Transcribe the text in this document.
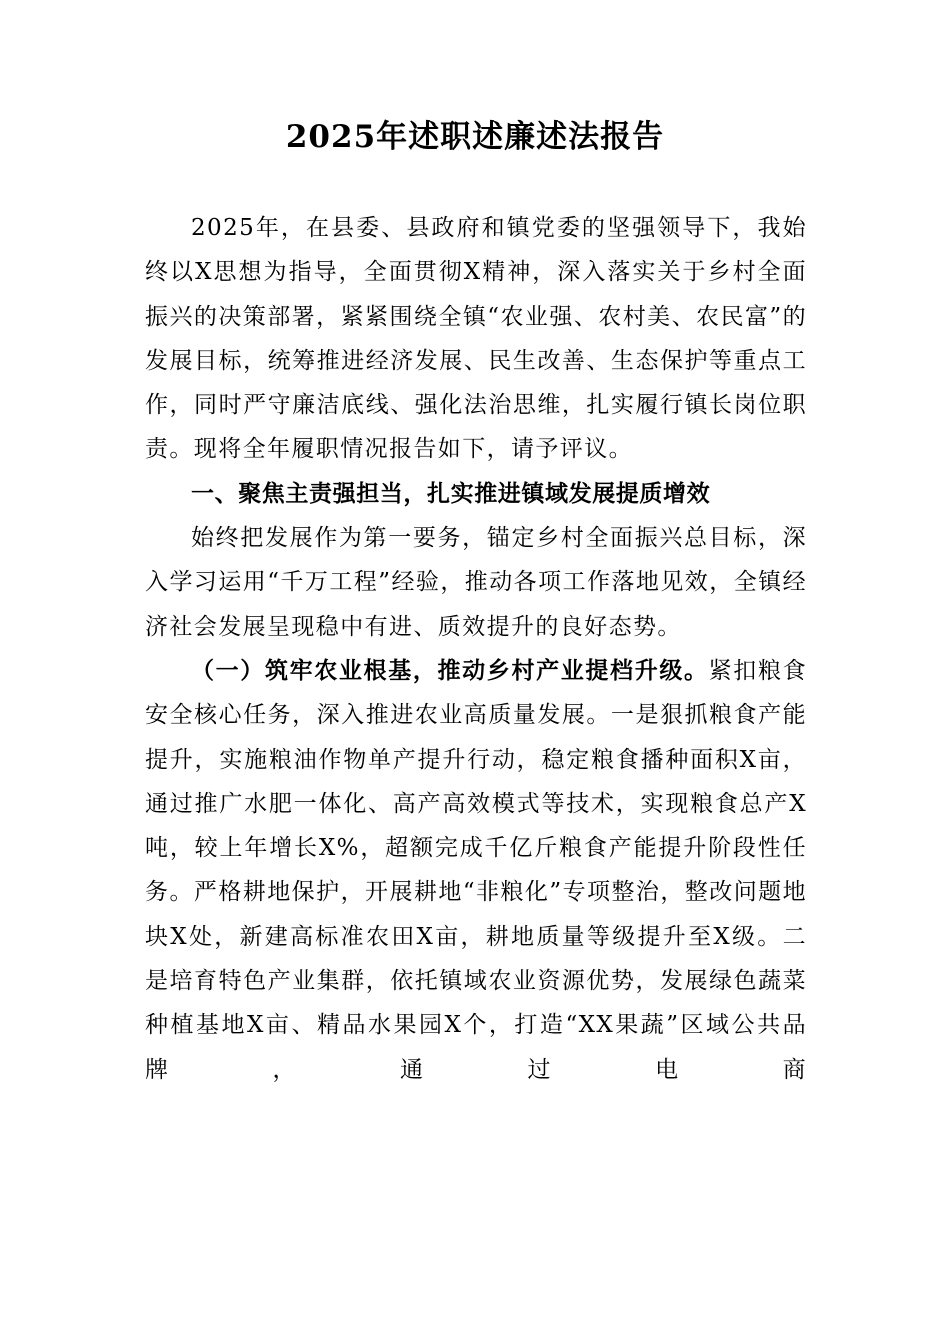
2025年述职述廉述法报告

2025年，在县委、县政府和镇党委的坚强领导下，我始终以X思想为指导，全面贯彻X精神，深入落实关于乡村全面振兴的决策部署，紧紧围绕全镇“农业强、农村美、农民富”的发展目标，统筹推进经济发展、民生改善、生态保护等重点工作，同时严守廉洁底线、强化法治思维，扎实履行镇长岗位职责。现将全年履职情况报告如下，请予评议。

一、聚焦主责强担当，扎实推进镇域发展提质增效

始终把发展作为第一要务，锚定乡村全面振兴总目标，深入学习运用“千万工程”经验，推动各项工作落地见效，全镇经济社会发展呈现稳中有进、质效提升的良好态势。

（一）筑牢农业根基，推动乡村产业提档升级。紧扣粮食安全核心任务，深入推进农业高质量发展。一是狠抓粮食产能提升，实施粮油作物单产提升行动，稳定粮食播种面积X亩，通过推广水肥一体化、高产高效模式等技术，实现粮食总产X吨，较上年增长X%，超额完成千亿斤粮食产能提升阶段性任务。严格耕地保护，开展耕地“非粮化”专项整治，整改问题地块X处，新建高标准农田X亩，耕地质量等级提升至X级。二是培育特色产业集群，依托镇域农业资源优势，发展绿色蔬菜种植基地X亩、精品水果园X个，打造“XX果蔬”区域公共品牌，通过电商
